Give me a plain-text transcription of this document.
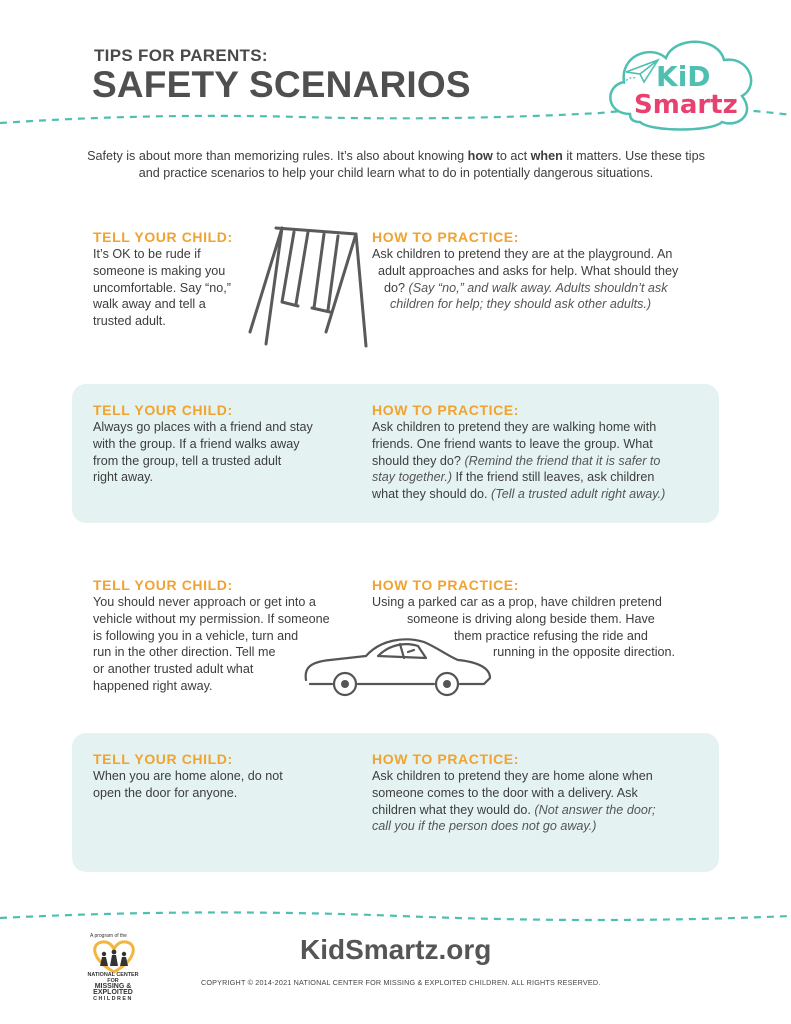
TIPS FOR PARENTS:
SAFETY SCENARIOS	KiD
Smartz
Safety is about more than memorizing rules. It’s also about knowing how to act when it matters. Use these tips and practice scenarios to help your child learn what to do in potentially dangerous situations.
TELL YOUR CHILD:
It’s OK to be rude if
someone is making you
uncomfortable. Say “no,”
walk away and tell a
trusted adult.
HOW TO PRACTICE:
Ask children to pretend they are at the playground. An
adult approaches and asks for help. What should they
do? (Say “no,” and walk away. Adults shouldn’t ask
children for help; they should ask other adults.)
TELL YOUR CHILD:
Always go places with a friend and stay
with the group. If a friend walks away
from the group, tell a trusted adult
right away.
HOW TO PRACTICE:
Ask children to pretend they are walking home with
friends. One friend wants to leave the group. What
should they do? (Remind the friend that it is safer to
stay together.) If the friend still leaves, ask children
what they should do. (Tell a trusted adult right away.)
TELL YOUR CHILD:
You should never approach or get into a
vehicle without my permission. If someone
is following you in a vehicle, turn and
run in the other direction. Tell me
or another trusted adult what
happened right away.
HOW TO PRACTICE:
Using a parked car as a prop, have children pretend
someone is driving along beside them. Have
them practice refusing the ride and
running in the opposite direction.
TELL YOUR CHILD:
When you are home alone, do not
open the door for anyone.
HOW TO PRACTICE:
Ask children to pretend they are home alone when
someone comes to the door with a delivery. Ask
children what they would do. (Not answer the door;
call you if the person does not go away.)
A program of the
NATIONAL CENTER FOR
MISSING &
EXPLOITED
CHILDREN
KidSmartz.org
COPYRIGHT © 2014-2021 NATIONAL CENTER FOR MISSING & EXPLOITED CHILDREN. ALL RIGHTS RESERVED.
